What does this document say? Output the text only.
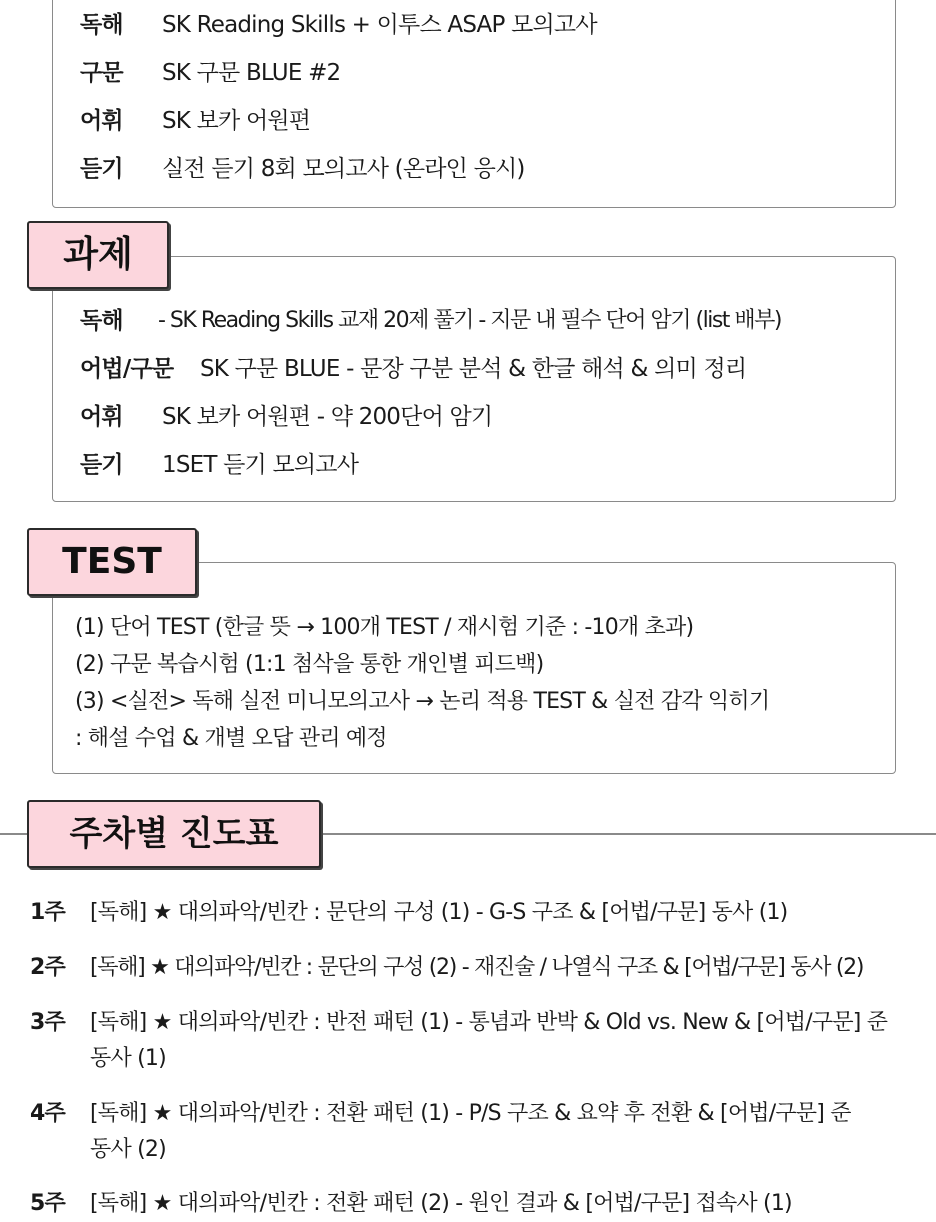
독해 SK Reading Skills + 이투스 ASAP 모의고사
구문 SK 구문 BLUE #2
어휘 SK 보카 어원편
듣기 실전 듣기 8회 모의고사 (온라인 응시)
과제
독해 - SK Reading Skills 교재 20제 풀기 - 지문 내 필수 단어 암기 (list 배부)
어법/구문 SK 구문 BLUE - 문장 구분 분석 & 한글 해석 & 의미 정리
어휘 SK 보카 어원편 - 약 200단어 암기
듣기 1SET 듣기 모의고사
TEST
(1) 단어 TEST (한글 뜻 → 100개 TEST / 재시험 기준 : -10개 초과)
(2) 구문 복습시험 (1:1 첨삭을 통한 개인별 피드백)
(3) <실전> 독해 실전 미니모의고사 → 논리 적용 TEST & 실전 감각 익히기
: 해설 수업 & 개별 오답 관리 예정
주차별 진도표
1주 [독해] ★ 대의파악/빈칸 : 문단의 구성 (1) - G-S 구조 & [어법/구문] 동사 (1)
2주 [독해] ★ 대의파악/빈칸 : 문단의 구성 (2) - 재진술 / 나열식 구조 & [어법/구문] 동사 (2)
3주 [독해] ★ 대의파악/빈칸 : 반전 패턴 (1) - 통념과 반박 & Old vs. New & [어법/구문] 준동사 (1)
4주 [독해] ★ 대의파악/빈칸 : 전환 패턴 (1) - P/S 구조 & 요약 후 전환 & [어법/구문] 준동사 (2)
5주 [독해] ★ 대의파악/빈칸 : 전환 패턴 (2) - 원인 결과 & [어법/구문] 접속사 (1)
